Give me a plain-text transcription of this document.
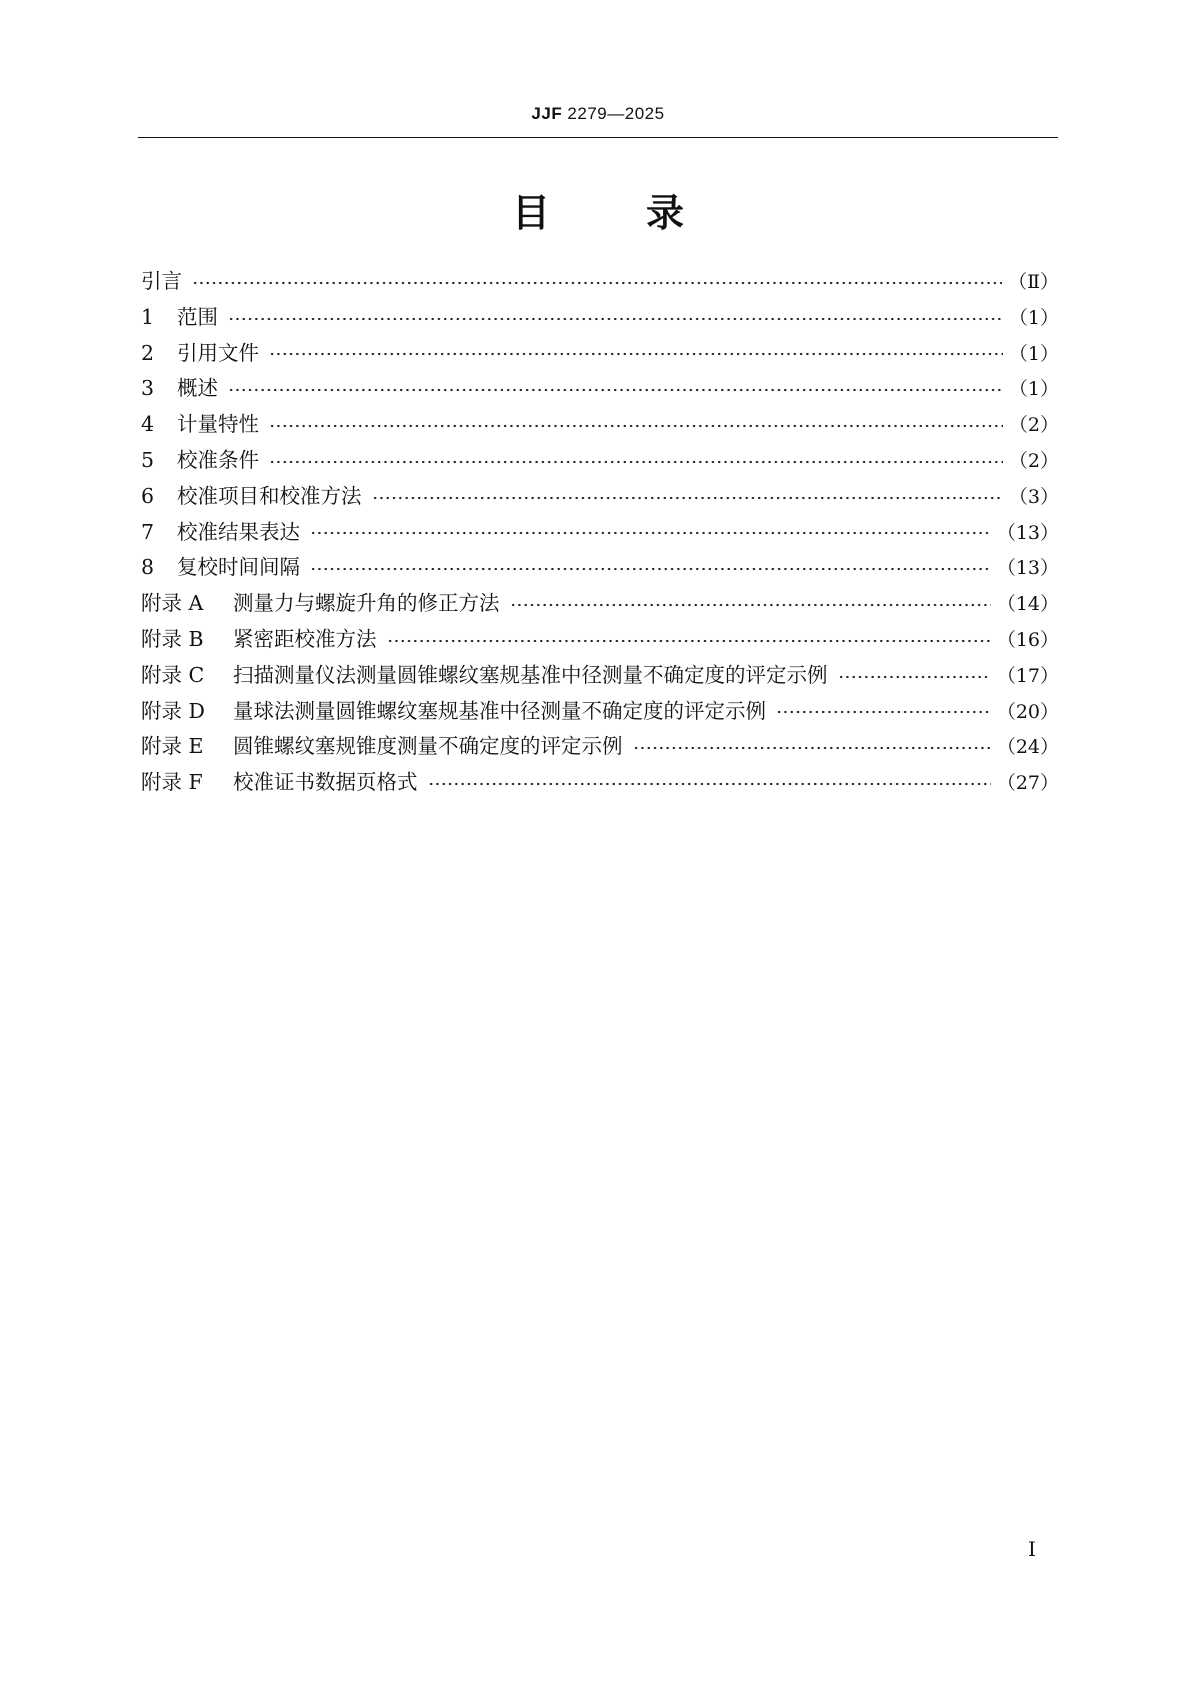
JJF 2279—2025
目	录
引言	（Ⅱ）
1	范围	（1）
2	引用文件	（1）
3	概述	（1）
4	计量特性	（2）
5	校准条件	（2）
6	校准项目和校准方法	（3）
7	校准结果表达	（13）
8	复校时间间隔	（13）
附录 A	测量力与螺旋升角的修正方法	（14）
附录 B	紧密距校准方法	（16）
附录 C	扫描测量仪法测量圆锥螺纹塞规基准中径测量不确定度的评定示例	（17）
附录 D	量球法测量圆锥螺纹塞规基准中径测量不确定度的评定示例	（20）
附录 E	圆锥螺纹塞规锥度测量不确定度的评定示例	（24）
附录 F	校准证书数据页格式	（27）
Ⅰ
